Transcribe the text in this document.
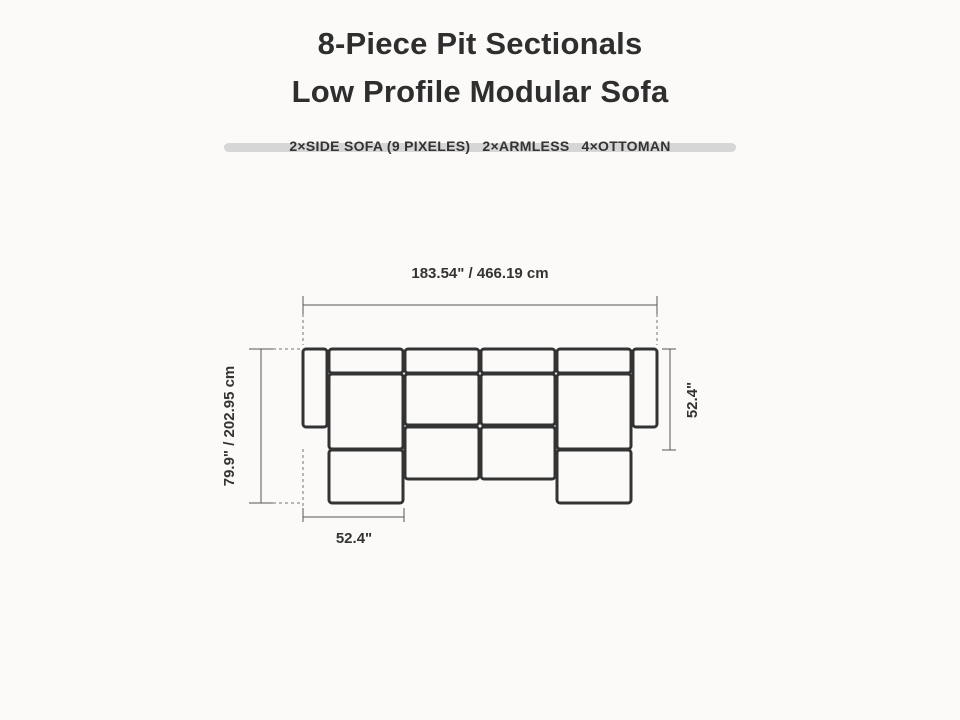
8-Piece Pit Sectionals
Low Profile Modular Sofa
2×SIDE SOFA (9 PIXELES) 2×ARMLESS 4×OTTOMAN
183.54" / 466.19 cm
79.9" / 202.95 cm
52.4"
52.4"
